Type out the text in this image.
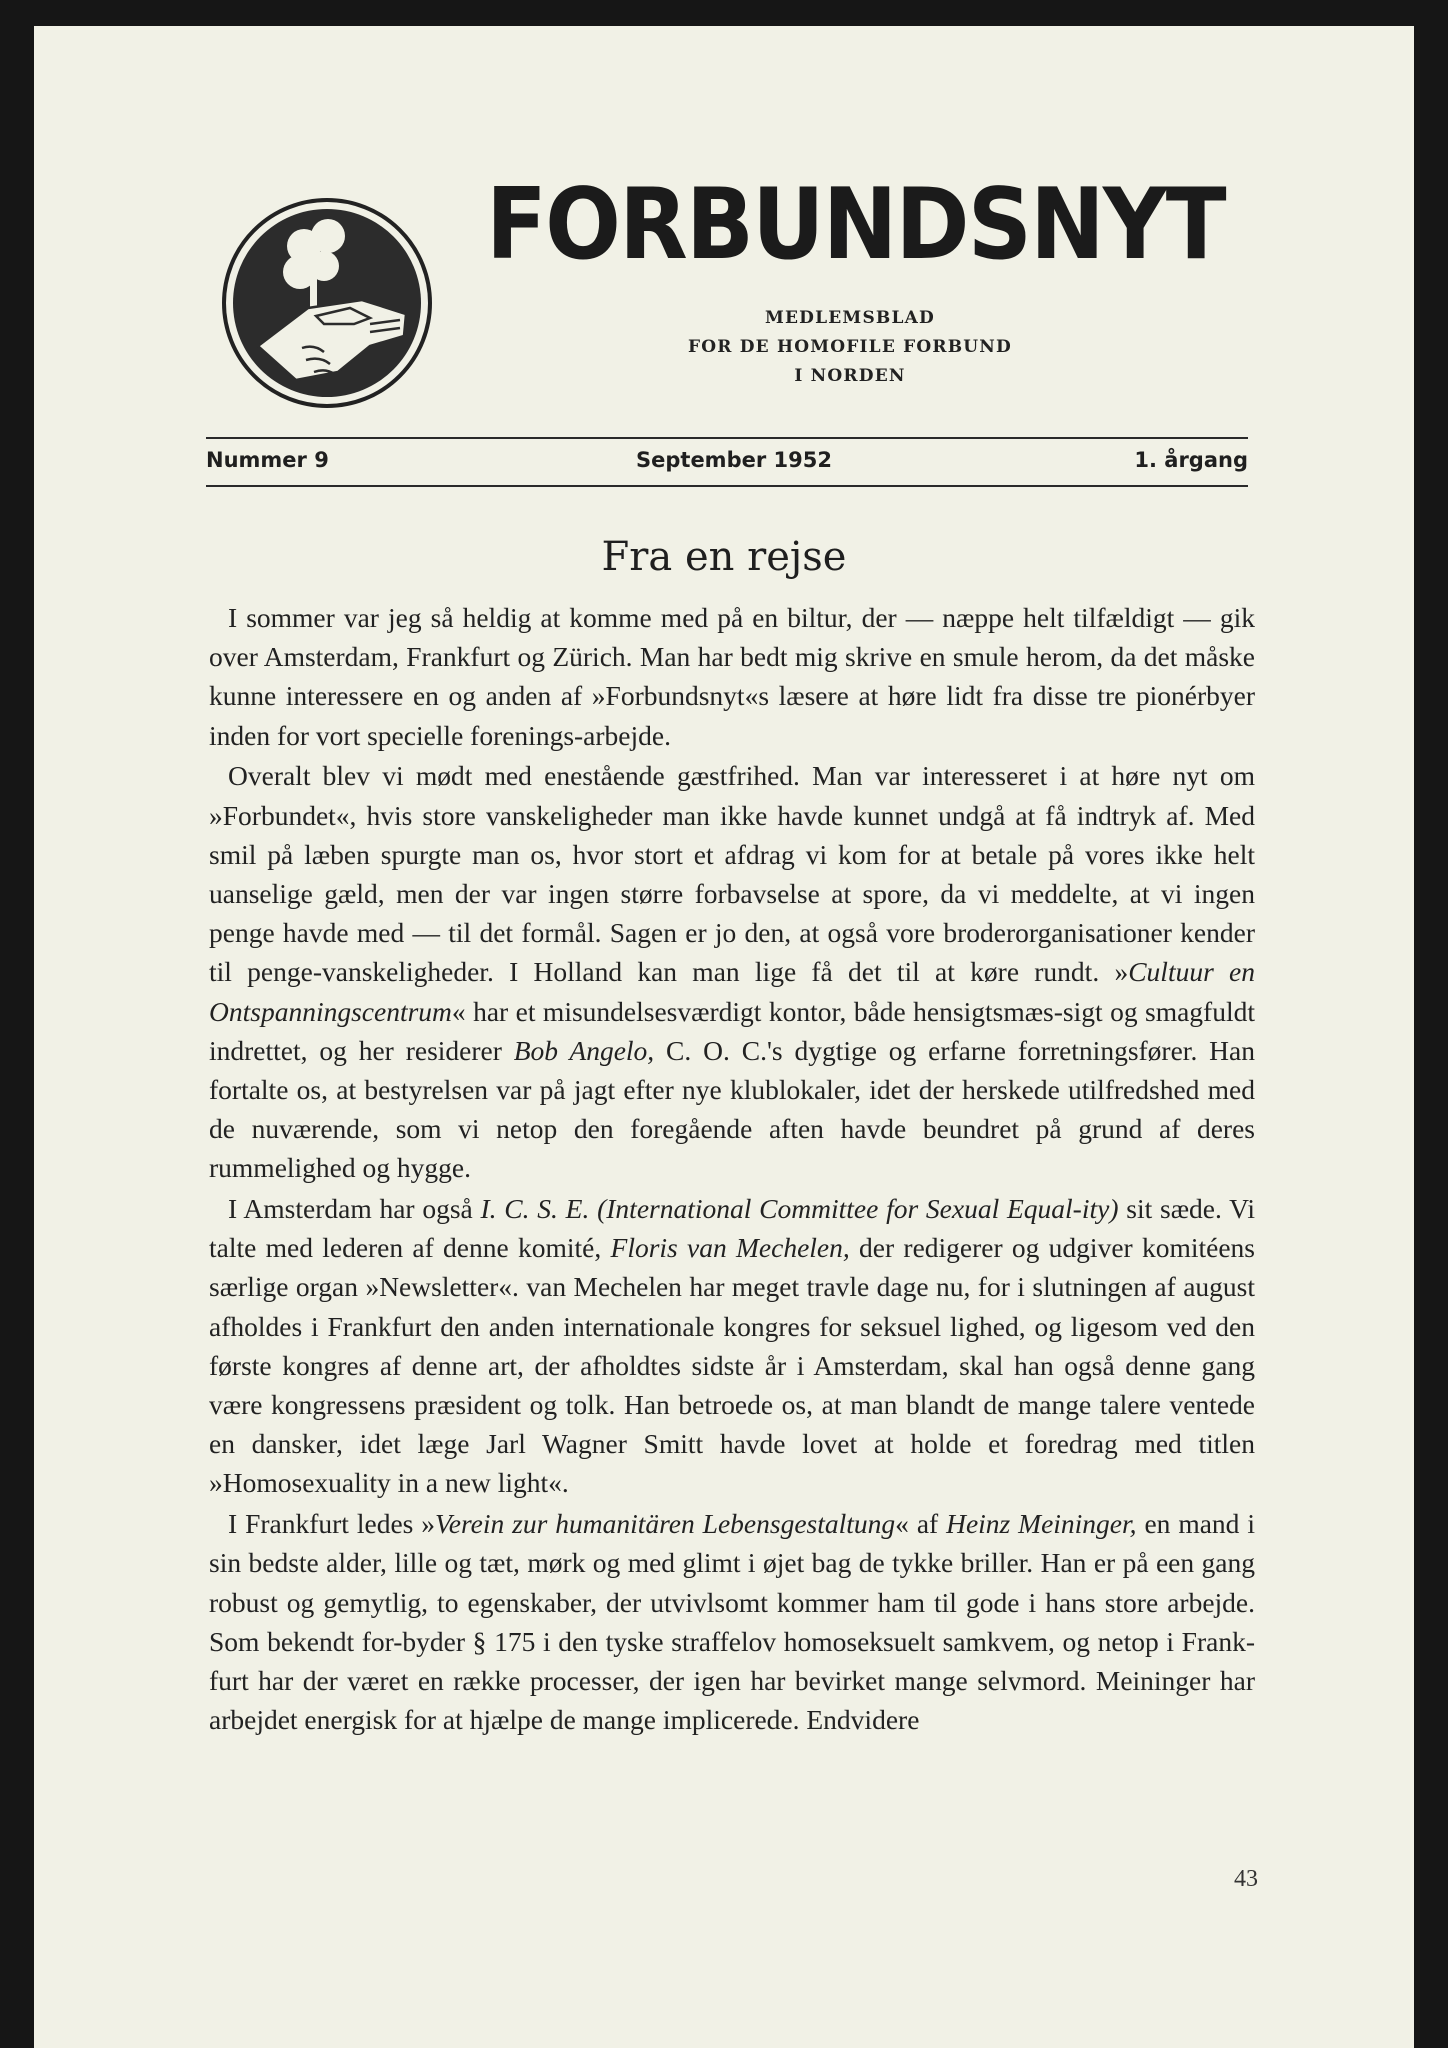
FORBUNDSNYT
MEDLEMSBLAD
FOR DE HOMOFILE FORBUND
I NORDEN
Nummer 9	September 1952	1. årgang
Fra en rejse

I sommer var jeg så heldig at komme med på en biltur, der — næppe helt tilfældigt — gik over Amsterdam, Frankfurt og Zürich. Man har bedt mig skrive en smule herom, da det måske kunne interessere en og anden af »Forbundsnyt«s læsere at høre lidt fra disse tre pionérbyer inden for vort specielle forenings-arbejde.

Overalt blev vi mødt med enestående gæstfrihed. Man var interesseret i at høre nyt om »Forbundet«, hvis store vanskeligheder man ikke havde kunnet undgå at få indtryk af. Med smil på læben spurgte man os, hvor stort et afdrag vi kom for at betale på vores ikke helt uanselige gæld, men der var ingen større forbavselse at spore, da vi meddelte, at vi ingen penge havde med — til det formål. Sagen er jo den, at også vore broderorganisationer kender til penge-vanskeligheder. I Holland kan man lige få det til at køre rundt. »Cultuur en Ontspanningscentrum« har et misundelsesværdigt kontor, både hensigtsmæs-sigt og smagfuldt indrettet, og her residerer Bob Angelo, C. O. C.'s dygtige og erfarne forretningsfører. Han fortalte os, at bestyrelsen var på jagt efter nye klublokaler, idet der herskede utilfredshed med de nuværende, som vi netop den foregående aften havde beundret på grund af deres rummelighed og hygge.

I Amsterdam har også I. C. S. E. (International Committee for Sexual Equal-ity) sit sæde. Vi talte med lederen af denne komité, Floris van Mechelen, der redigerer og udgiver komitéens særlige organ »Newsletter«. van Mechelen har meget travle dage nu, for i slutningen af august afholdes i Frankfurt den anden internationale kongres for seksuel lighed, og ligesom ved den første kongres af denne art, der afholdtes sidste år i Amsterdam, skal han også denne gang være kongressens præsident og tolk. Han betroede os, at man blandt de mange talere ventede en dansker, idet læge Jarl Wagner Smitt havde lovet at holde et foredrag med titlen »Homosexuality in a new light«.

I Frankfurt ledes »Verein zur humanitären Lebensgestaltung« af Heinz Meininger, en mand i sin bedste alder, lille og tæt, mørk og med glimt i øjet bag de tykke briller. Han er på een gang robust og gemytlig, to egenskaber, der utvivlsomt kommer ham til gode i hans store arbejde. Som bekendt for-byder § 175 i den tyske straffelov homoseksuelt samkvem, og netop i Frank-furt har der været en række processer, der igen har bevirket mange selvmord. Meininger har arbejdet energisk for at hjælpe de mange implicerede. Endvidere

43
